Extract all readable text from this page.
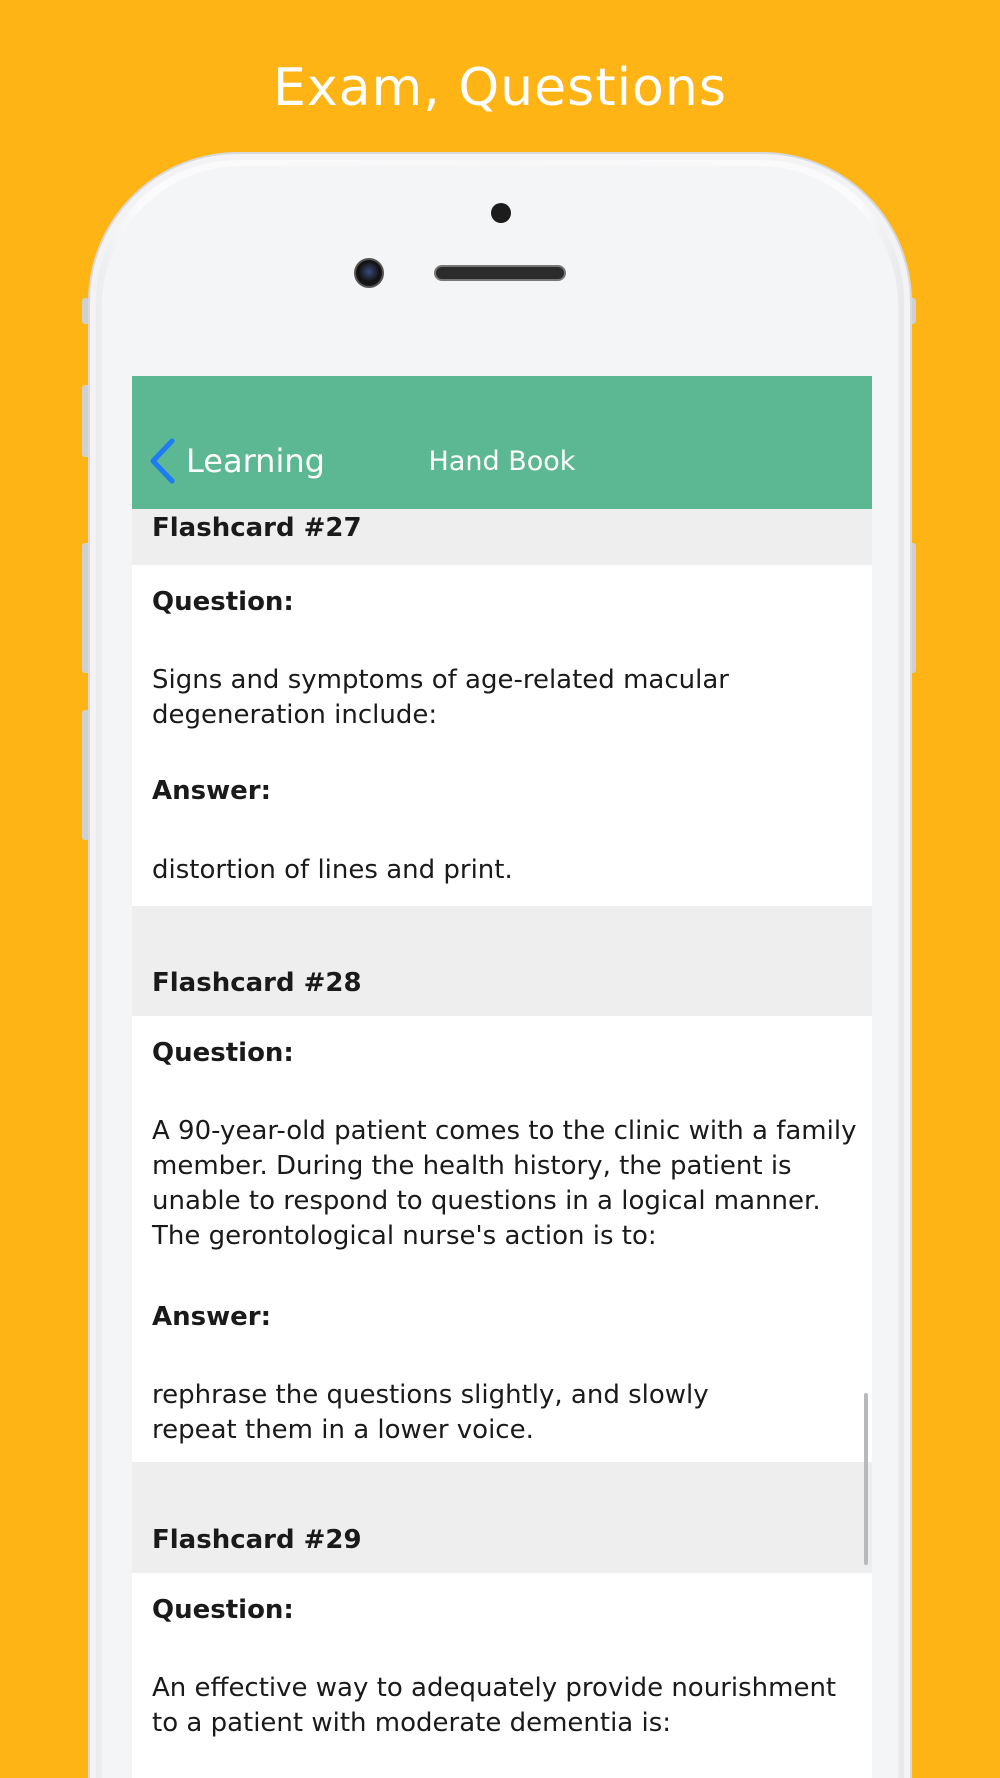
Exam, Questions
Learning	Hand Book
Flashcard #27
Question:
Signs and symptoms of age-related macular degeneration include:
Answer:
distortion of lines and print.
Flashcard #28
Question:
A 90-year-old patient comes to the clinic with a family member. During the health history, the patient is unable to respond to questions in a logical manner. The gerontological nurse's action is to:
Answer:
rephrase the questions slightly, and slowly repeat them in a lower voice.
Flashcard #29
Question:
An effective way to adequately provide nourishment to a patient with moderate dementia is:
